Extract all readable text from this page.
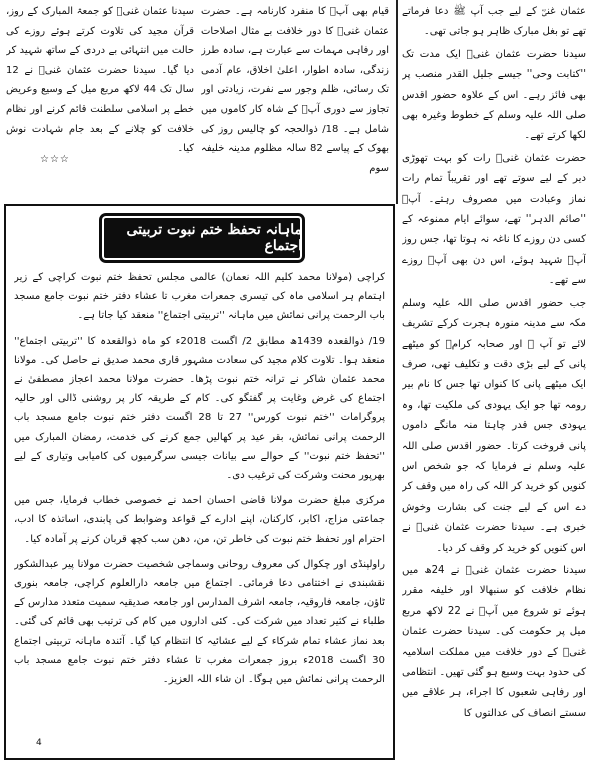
عثمان غنیؓ کے لیے جب آپ ﷺ دعا فرماتے تھے تو بغل مبارک ظاہر ہو جاتی تھی۔

سیدنا حضرت عثمان غنیؓ ایک مدت تک ''کتابت وحی'' جیسے جلیل القدر منصب پر بھی فائز رہے۔ اس کے علاوہ حضور اقدس صلی اللہ علیہ وسلم کے خطوط وغیرہ بھی لکھا کرتے تھے۔

حضرت عثمان غنیؓ رات کو بہت تھوڑی دیر کے لیے سوتے تھے اور تقریباً تمام رات نماز وعبادت میں مصروف رہتے۔ آپؓ ''صائم الدہر'' تھے، سوائے ایام ممنوعہ کے کسی دن روزے کا ناغہ نہ ہوتا تھا، جس روز آپؓ شہید ہوئے، اس دن بھی آپؓ روزے سے تھے۔

جب حضور اقدس صلی اللہ علیہ وسلم مکہ سے مدینہ منورہ ہجرت کرکے تشریف لائے تو آپ ﷺ اور صحابہ کرامؓ کو میٹھے پانی کے لیے بڑی دقت و تکلیف تھی، صرف ایک میٹھے پانی کا کنواں تھا جس کا نام بیر رومہ تھا جو ایک یہودی کی ملکیت تھا، وہ یہودی جس قدر چاہتا منہ مانگے داموں پانی فروخت کرتا۔ حضور اقدس صلی اللہ علیہ وسلم نے فرمایا کہ جو شخص اس کنویں کو خرید کر اللہ کی راہ میں وقف کر دے اس کے لیے جنت کی بشارت وخوش خبری ہے۔ سیدنا حضرت عثمان غنیؓ نے اس کنویں کو خرید کر وقف کر دیا۔

سیدنا حضرت عثمان غنیؓ نے 24ھ میں نظام خلافت کو سنبھالا اور خلیفہ مقرر ہوئے تو شروع میں آپؓ نے 22 لاکھ مربع میل پر حکومت کی۔ سیدنا حضرت عثمان غنیؓ کے دور خلافت میں مملکت اسلامیہ کی حدود بہت وسیع ہو گئی تھیں۔ انتظامی اور رفاہی شعبوں کا اجراء، ہر علاقے میں سستے انصاف کی عدالتوں کا

قیام بھی آپؓ کا منفرد کارنامہ ہے۔ حضرت عثمان غنیؓ کا دور خلافت بے مثال اصلاحات اور رفاہی مہمات سے عبارت ہے، سادہ طرز زندگی، سادہ اطوار، اعلیٰ اخلاق، عام آدمی تک رسائی، ظلم وجور سے نفرت، زیادتی اور تجاوز سے دوری آپؓ کے شاہ کار کاموں میں شامل ہے۔ 18/ ذوالحجہ کو چالیس روز کی بھوک کے پیاسے 82 سالہ مظلوم مدینہ خلیفہ سوم

سیدنا عثمان غنیؓ کو جمعۃ المبارک کے روز، قرآن مجید کی تلاوت کرتے ہوئے روزے کی حالت میں انتہائی بے دردی کے ساتھ شہید کر دیا گیا۔ سیدنا حضرت عثمان غنیؓ نے 12 سال تک 44 لاکھ مربع میل کے وسیع وعریض خطے پر اسلامی سلطنت قائم کرنے اور نظام خلافت کو چلانے کے بعد جام شہادت نوش کیا۔

☆☆☆
ماہانہ تحفظ ختم نبوت تربیتی اجتماع

کراچی (مولانا محمد کلیم اللہ نعمان) عالمی مجلس تحفظ ختم نبوت کراچی کے زیر اہتمام ہر اسلامی ماہ کی تیسری جمعرات مغرب تا عشاء دفتر ختم نبوت جامع مسجد باب الرحمت پرانی نمائش میں ماہانہ ''تربیتی اجتماع'' منعقد کیا جاتا ہے۔

19/ ذوالقعدہ 1439ھ مطابق 2/ اگست 2018ء کو ماہ ذوالقعدہ کا ''تربیتی اجتماع'' منعقد ہوا۔ تلاوت کلام مجید کی سعادت مشہور قاری محمد صدیق نے حاصل کی۔ مولانا محمد عثمان شاکر نے ترانہ ختم نبوت پڑھا۔ حضرت مولانا محمد اعجاز مصطفیٰ نے اجتماع کی غرض وغایت پر گفتگو کی۔ کام کے طریقہ کار پر روشنی ڈالی اور حالیہ پروگرامات ''ختم نبوت کورس'' 27 تا 28 اگست دفتر ختم نبوت جامع مسجد باب الرحمت پرانی نمائش، بقر عید پر کھالیں جمع کرنے کی خدمت، رمضان المبارک میں ''تحفظ ختم نبوت'' کے حوالے سے بیانات جیسی سرگرمیوں کی کامیابی وتیاری کے لیے بھرپور محنت وشرکت کی ترغیب دی۔

مرکزی مبلغ حضرت مولانا قاضی احسان احمد نے خصوصی خطاب فرمایا، جس میں جماعتی مزاج، اکابر، کارکنان، اپنے ادارے کے قواعد وضوابط کی پابندی، اساتذہ کا ادب، احترام اور تحفظ ختم نبوت کی خاطر تن، من، دھن سب کچھ قربان کرنے پر آمادہ کیا۔

راولپنڈی اور چکوال کی معروف روحانی وسماجی شخصیت حضرت مولانا پیر عبدالشکور نقشبندی نے اختتامی دعا فرمائی۔ اجتماع میں جامعہ دارالعلوم کراچی، جامعہ بنوری ٹاؤن، جامعہ فاروقیہ، جامعہ اشرف المدارس اور جامعہ صدیقیہ سمیت متعدد مدارس کے طلباء نے کثیر تعداد میں شرکت کی۔ کئی اداروں میں کام کی ترتیب بھی قائم کی گئی۔ بعد نماز عشاء تمام شرکاء کے لیے عشائیہ کا انتظام کیا گیا۔ آئندہ ماہانہ تربیتی اجتماع 30 اگست 2018ء بروز جمعرات مغرب تا عشاء دفتر ختم نبوت جامع مسجد باب الرحمت پرانی نمائش میں ہوگا۔ ان شاء اللہ العزیز۔

4
